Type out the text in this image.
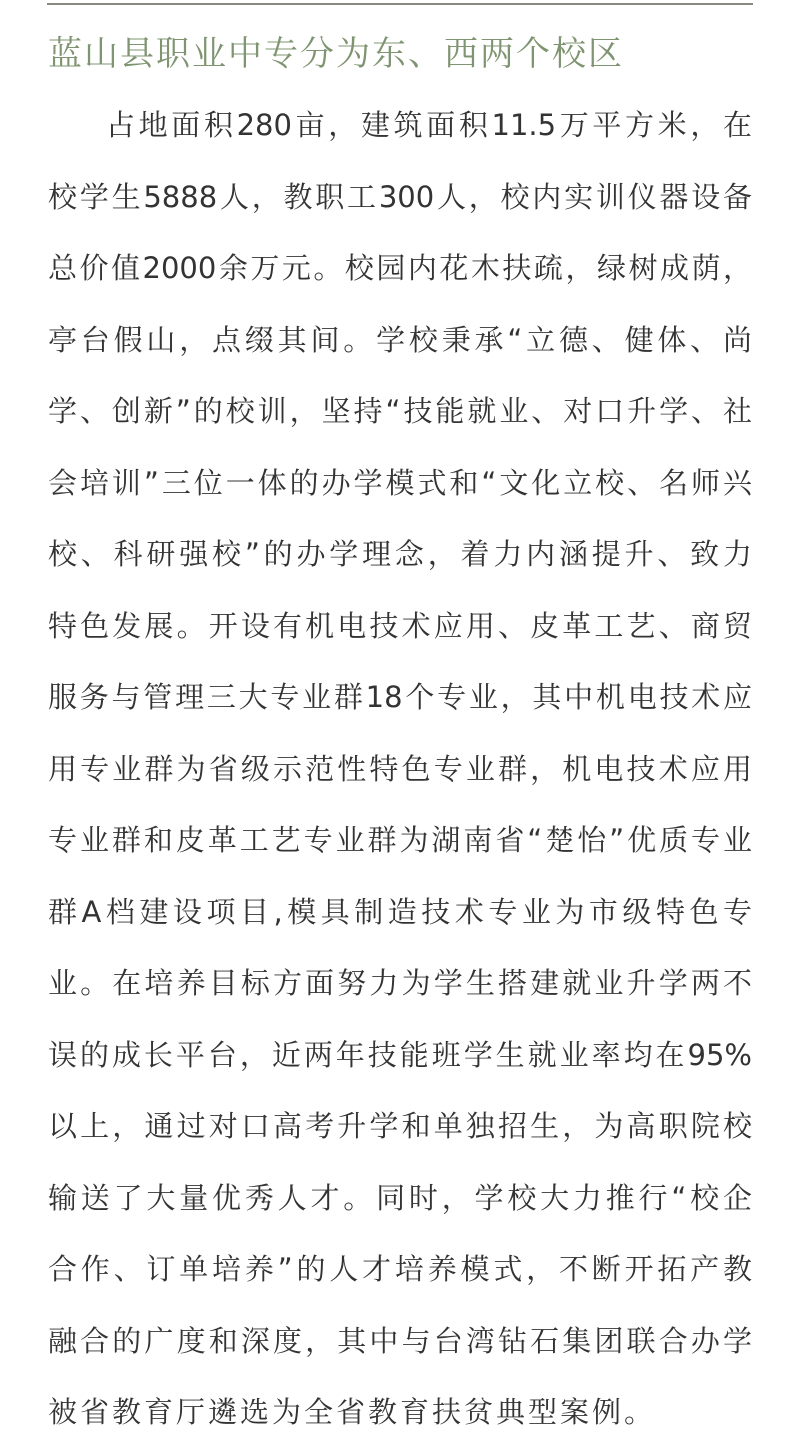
蓝山县职业中专分为东、西两个校区
占地面积280亩，建筑面积11.5万平方米，在
校学生5888人，教职工300人，校内实训仪器设备
总价值2000余万元。校园内花木扶疏，绿树成荫，
亭台假山，点缀其间。学校秉承“立德、健体、尚
学、创新”的校训，坚持“技能就业、对口升学、社
会培训”三位一体的办学模式和“文化立校、名师兴
校、科研强校”的办学理念，着力内涵提升、致力
特色发展。开设有机电技术应用、皮革工艺、商贸
服务与管理三大专业群18个专业，其中机电技术应
用专业群为省级示范性特色专业群，机电技术应用
专业群和皮革工艺专业群为湖南省“楚怡”优质专业
群A档建设项目,模具制造技术专业为市级特色专
业。在培养目标方面努力为学生搭建就业升学两不
误的成长平台，近两年技能班学生就业率均在95%
以上，通过对口高考升学和单独招生，为高职院校
输送了大量优秀人才。同时，学校大力推行“校企
合作、订单培养”的人才培养模式，不断开拓产教
融合的广度和深度，其中与台湾钻石集团联合办学
被省教育厅遴选为全省教育扶贫典型案例。
